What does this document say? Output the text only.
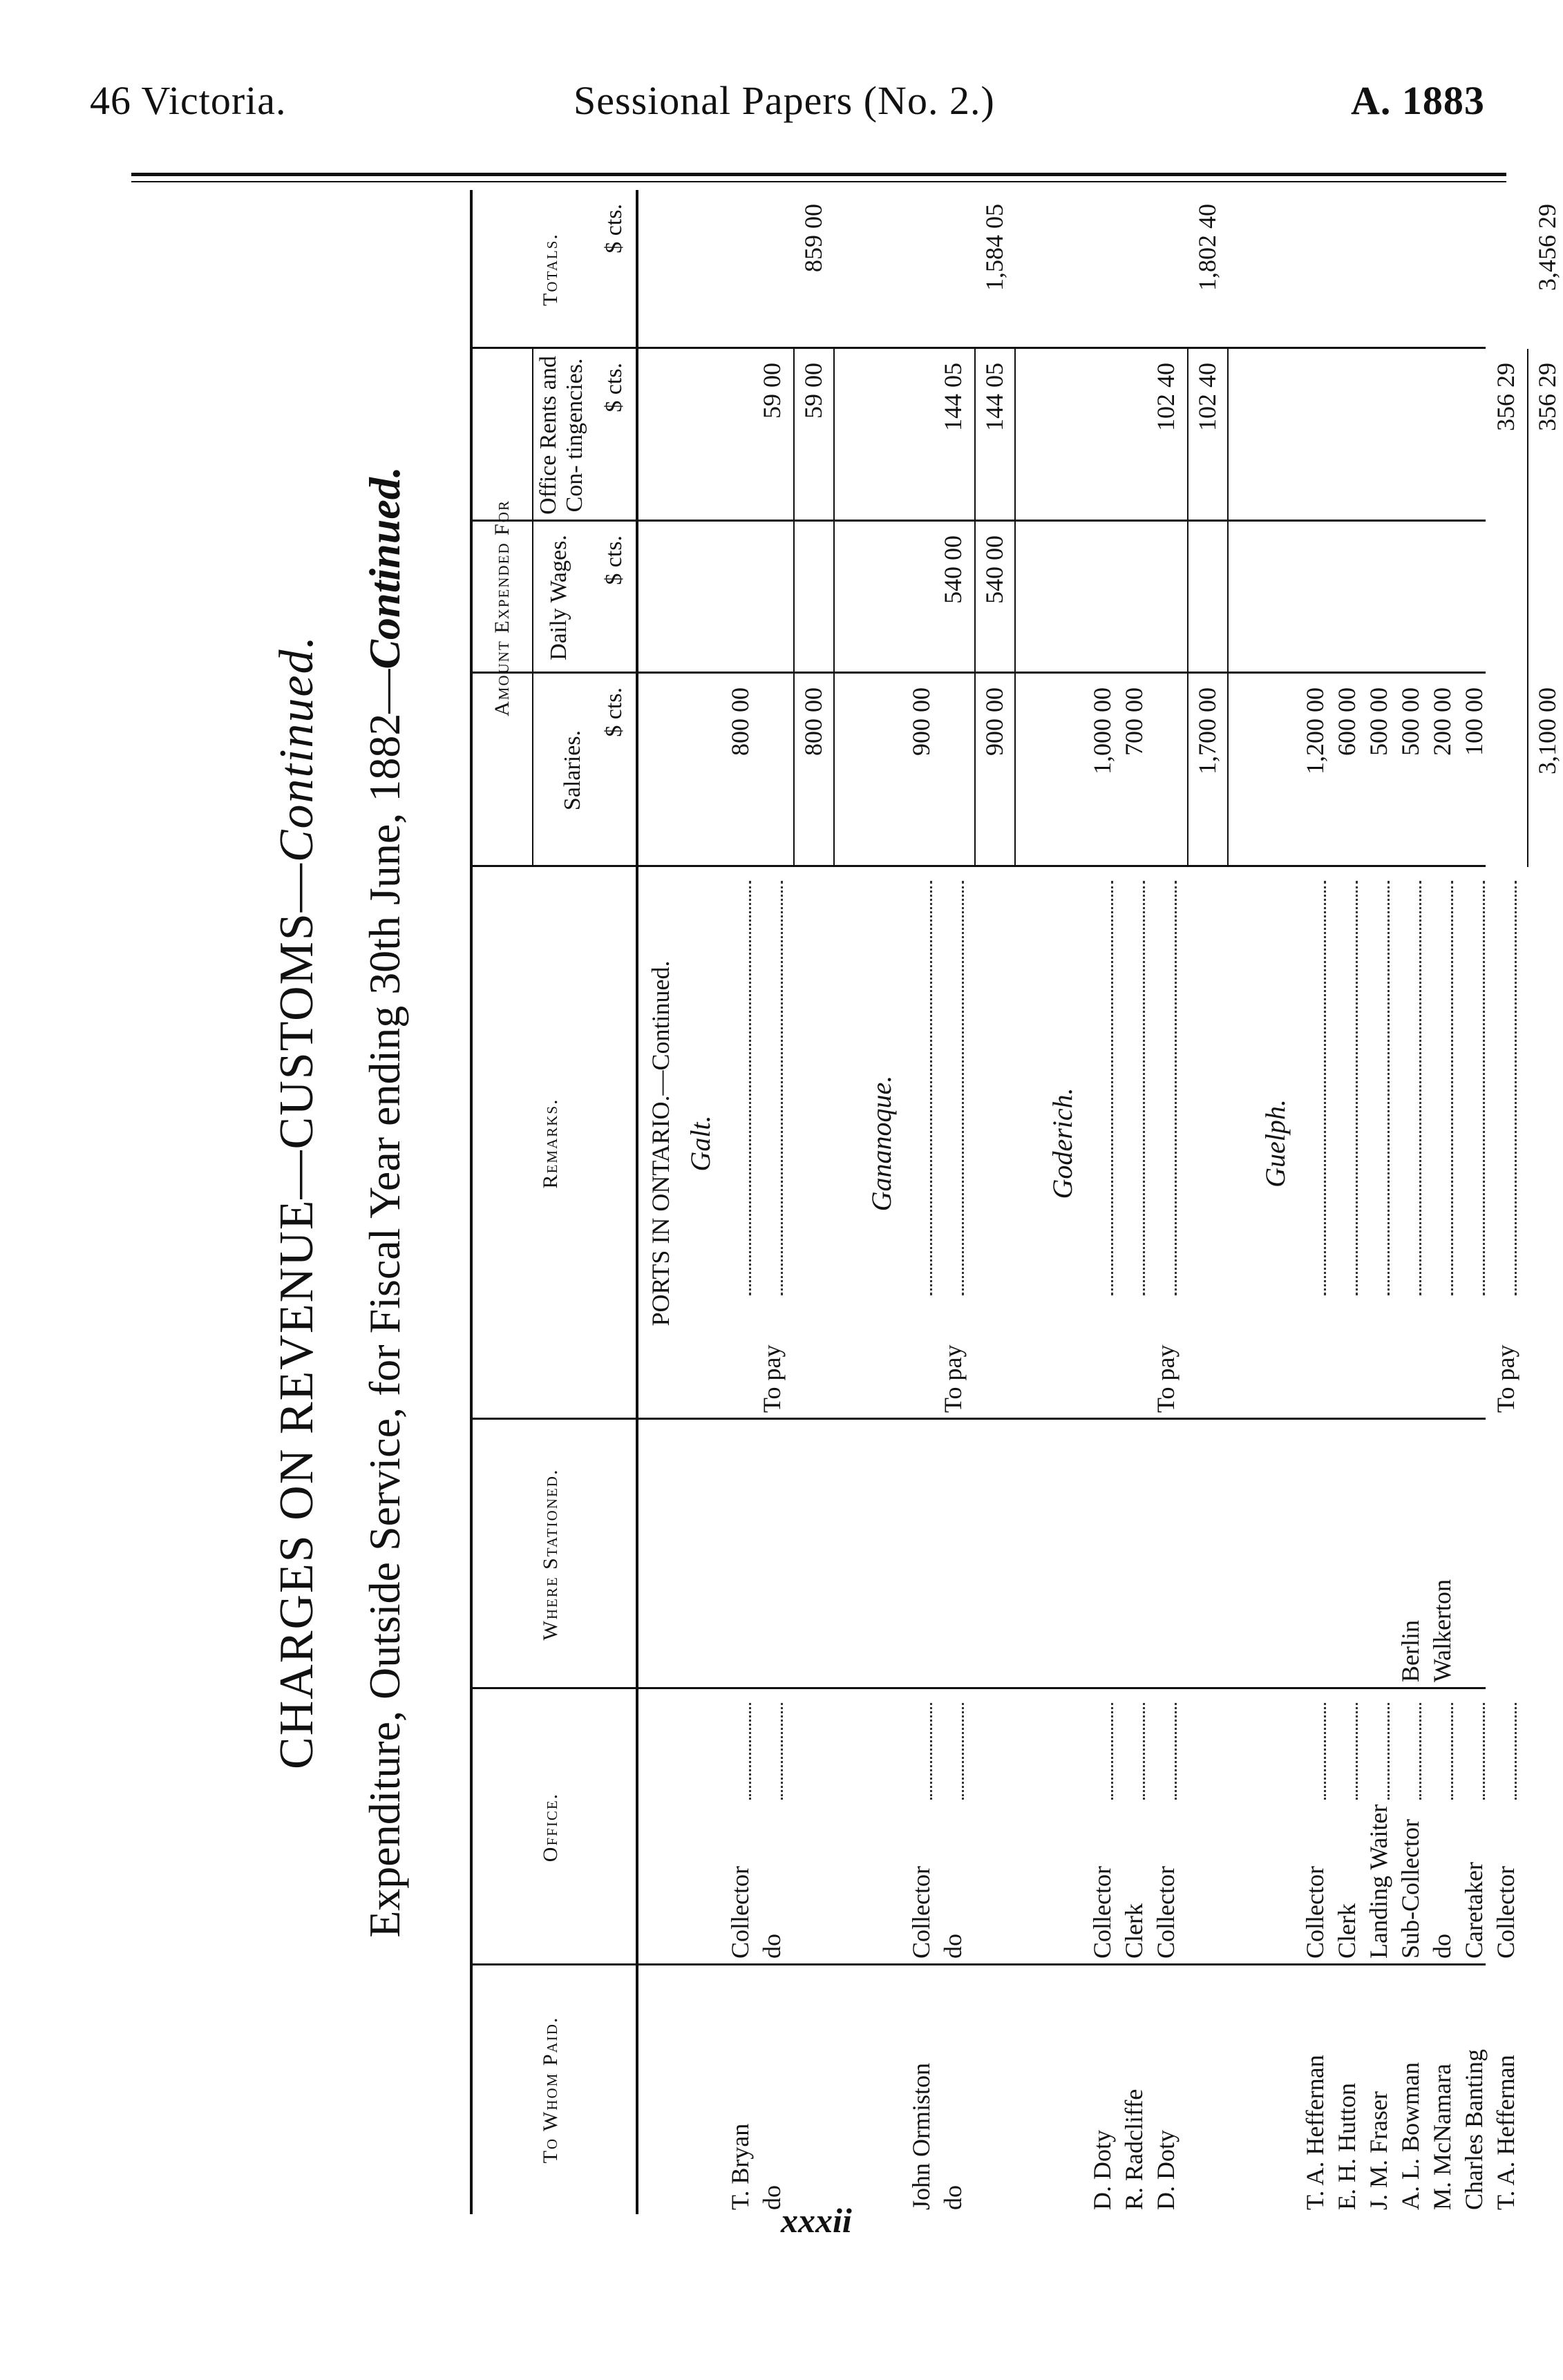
46 Victoria.	Sessional Papers (No. 2.)	A. 1883
CHARGES ON REVENUE—CUSTOMS—Continued. Expenditure, Outside Service, for Fiscal Year ending 30th June, 1882—Continued.
To Whom Paid.
Office.
Where Stationed.
Remarks.
Amount Expended For
Totals.
Salaries.
Daily Wages.
Office Rents and Con- tingencies.
$ cts.
$ cts.
$ cts.
$ cts.
PORTS IN ONTARIO.—Continued. Galt.
T. Bryan
Collector
800 00
do
do
To pay
59 00
800 00
59 00
859 00
Gananoque.
John Ormiston
Collector
900 00
do
do
To pay
540 00
144 05
900 00
540 00
144 05
1,584 05
Goderich.
D. Doty
Collector
1,000 00
R. Radcliffe
Clerk
700 00
D. Doty
Collector
To pay
102 40
1,700 00
102 40
1,802 40
Guelph.
T. A. Heffernan
Collector
1,200 00
E. H. Hutton
Clerk
600 00
J. M. Fraser
Landing Waiter
500 00
A. L. Bowman
Sub-Collector
Berlin
500 00
M. McNamara
do
Walkerton
200 00
Charles Banting
Caretaker
100 00
T. A. Heffernan
Collector
To pay
356 29
3,100 00
356 29
3,456 29
xxxii
